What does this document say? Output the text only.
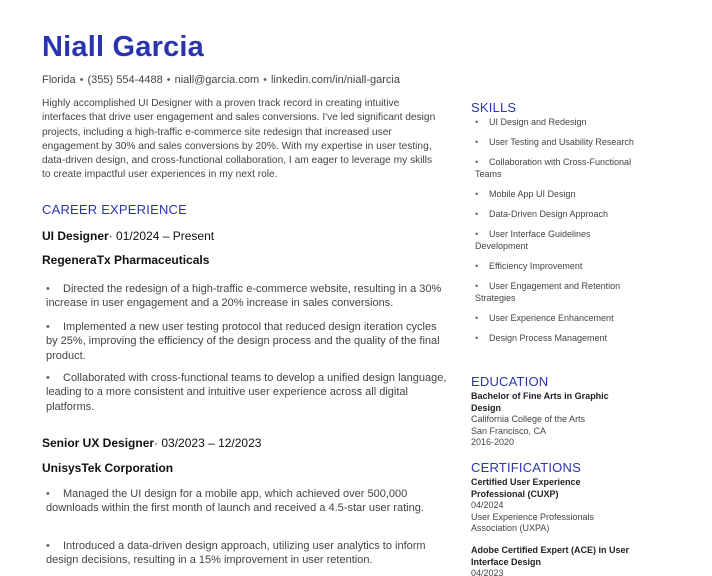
Niall Garcia
Florida • (355) 554-4488 • niall@garcia.com • linkedin.com/in/niall-garcia
Highly accomplished UI Designer with a proven track record in creating intuitive interfaces that drive user engagement and sales conversions. I've led significant design projects, including a high-traffic e-commerce site redesign that increased user engagement by 30% and sales conversions by 20%. With my expertise in user testing, data-driven design, and cross-functional collaboration, I am eager to leverage my skills to create impactful user experiences in my next role.
CAREER EXPERIENCE
UI Designer· 01/2024 – Present
RegeneraTx Pharmaceuticals
• Directed the redesign of a high-traffic e-commerce website, resulting in a 30% increase in user engagement and a 20% increase in sales conversions.
• Implemented a new user testing protocol that reduced design iteration cycles by 25%, improving the efficiency of the design process and the quality of the final product.
• Collaborated with cross-functional teams to develop a unified design language, leading to a more consistent and intuitive user experience across all digital platforms.
Senior UX Designer· 03/2023 – 12/2023
UnisysTek Corporation
• Managed the UI design for a mobile app, which achieved over 500,000 downloads within the first month of launch and received a 4.5-star user rating.
• Introduced a data-driven design approach, utilizing user analytics to inform design decisions, resulting in a 15% improvement in user retention.
SKILLS
• UI Design and Redesign
• User Testing and Usability Research
• Collaboration with Cross-Functional Teams
• Mobile App UI Design
• Data-Driven Design Approach
• User Interface Guidelines Development
• Efficiency Improvement
• User Engagement and Retention Strategies
• User Experience Enhancement
• Design Process Management
EDUCATION
Bachelor of Fine Arts in Graphic Design
California College of the Arts
San Francisco, CA
2016-2020
CERTIFICATIONS
Certified User Experience Professional (CUXP)
04/2024
User Experience Professionals Association (UXPA)
Adobe Certified Expert (ACE) in User Interface Design
04/2023
